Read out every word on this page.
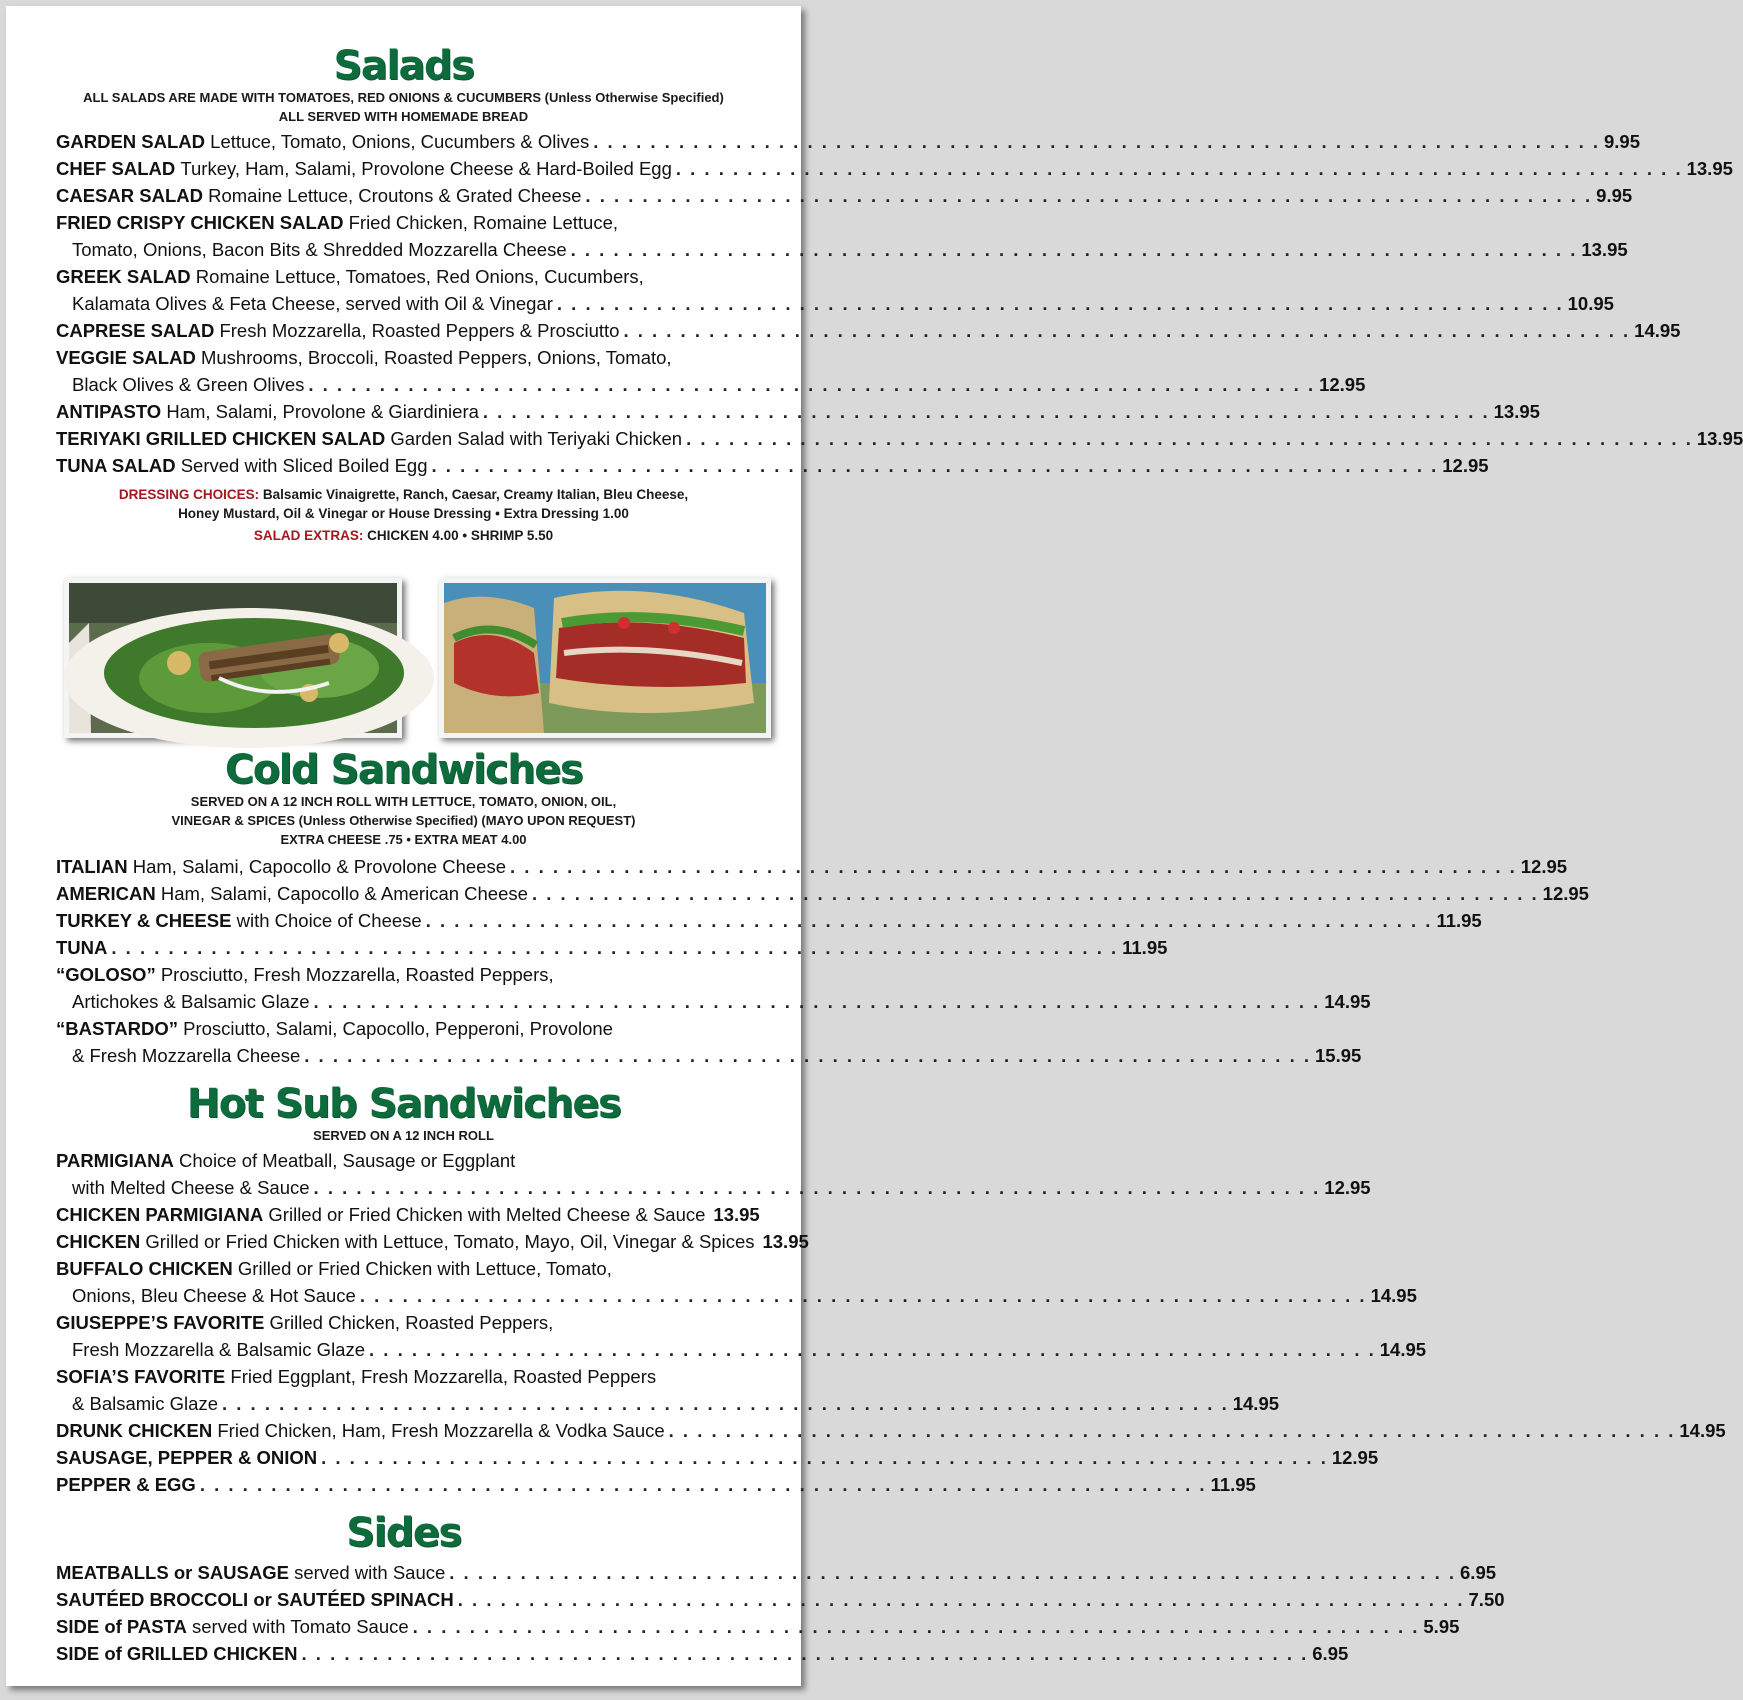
Salads
ALL SALADS ARE MADE WITH TOMATOES, RED ONIONS & CUCUMBERS (Unless Otherwise Specified)
ALL SERVED WITH HOMEMADE BREAD
GARDEN SALAD
Lettuce, Tomato, Onions, Cucumbers & Olives . . . . . . . . . . . . . . . . . . . . . . . . . . . . . . . . . . . . . . . . . . . . . . . . . . . . . . . . . . . . . . . . . . . . . . . 9.95
CHEF SALAD
Turkey, Ham, Salami, Provolone Cheese & Hard-Boiled Egg . . . . . . . . . . . . . . . . . . . . . . . . . . . . . . . . . . . . . . . . . . . . . . . . . . . . . . . . . . . . . . . . . . . . . . . 13.95
CAESAR SALAD
Romaine Lettuce, Croutons & Grated Cheese . . . . . . . . . . . . . . . . . . . . . . . . . . . . . . . . . . . . . . . . . . . . . . . . . . . . . . . . . . . . . . . . . . . . . . . 9.95
FRIED CRISPY CHICKEN SALAD
Fried Chicken, Romaine Lettuce,
Tomato, Onions, Bacon Bits & Shredded Mozzarella Cheese . . . . . . . . . . . . . . . . . . . . . . . . . . . . . . . . . . . . . . . . . . . . . . . . . . . . . . . . . . . . . . . . . . . . . . . 13.95
GREEK SALAD
Romaine Lettuce, Tomatoes, Red Onions, Cucumbers,
Kalamata Olives & Feta Cheese, served with Oil & Vinegar . . . . . . . . . . . . . . . . . . . . . . . . . . . . . . . . . . . . . . . . . . . . . . . . . . . . . . . . . . . . . . . . . . . . . . . 10.95
CAPRESE SALAD
Fresh Mozzarella, Roasted Peppers & Prosciutto . . . . . . . . . . . . . . . . . . . . . . . . . . . . . . . . . . . . . . . . . . . . . . . . . . . . . . . . . . . . . . . . . . . . . . . 14.95
VEGGIE SALAD
Mushrooms, Broccoli, Roasted Peppers, Onions, Tomato,
Black Olives & Green Olives . . . . . . . . . . . . . . . . . . . . . . . . . . . . . . . . . . . . . . . . . . . . . . . . . . . . . . . . . . . . . . . . . . . . . . . 12.95
ANTIPASTO
Ham, Salami, Provolone & Giardiniera . . . . . . . . . . . . . . . . . . . . . . . . . . . . . . . . . . . . . . . . . . . . . . . . . . . . . . . . . . . . . . . . . . . . . . . 13.95
TERIYAKI GRILLED CHICKEN SALAD
Garden Salad with Teriyaki Chicken . . . . . . . . . . . . . . . . . . . . . . . . . . . . . . . . . . . . . . . . . . . . . . . . . . . . . . . . . . . . . . . . . . . . . . . 13.95
TUNA SALAD
Served with Sliced Boiled Egg . . . . . . . . . . . . . . . . . . . . . . . . . . . . . . . . . . . . . . . . . . . . . . . . . . . . . . . . . . . . . . . . . . . . . . . 12.95
DRESSING CHOICES: Balsamic Vinaigrette, Ranch, Caesar, Creamy Italian, Bleu Cheese,
Honey Mustard, Oil & Vinegar or House Dressing • Extra Dressing 1.00
SALAD EXTRAS: CHICKEN 4.00 • SHRIMP 5.50
Cold Sandwiches
SERVED ON A 12 INCH ROLL WITH LETTUCE, TOMATO, ONION, OIL,
VINEGAR & SPICES (Unless Otherwise Specified) (MAYO UPON REQUEST)
EXTRA CHEESE .75 • EXTRA MEAT 4.00
ITALIAN
Ham, Salami, Capocollo & Provolone Cheese . . . . . . . . . . . . . . . . . . . . . . . . . . . . . . . . . . . . . . . . . . . . . . . . . . . . . . . . . . . . . . . . . . . . . . . 12.95
AMERICAN
Ham, Salami, Capocollo & American Cheese . . . . . . . . . . . . . . . . . . . . . . . . . . . . . . . . . . . . . . . . . . . . . . . . . . . . . . . . . . . . . . . . . . . . . . . 12.95
TURKEY & CHEESE
with Choice of Cheese . . . . . . . . . . . . . . . . . . . . . . . . . . . . . . . . . . . . . . . . . . . . . . . . . . . . . . . . . . . . . . . . . . . . . . . 11.95
TUNA . . . . . . . . . . . . . . . . . . . . . . . . . . . . . . . . . . . . . . . . . . . . . . . . . . . . . . . . . . . . . . . . . . . . . . . 11.95
“GOLOSO”
Prosciutto, Fresh Mozzarella, Roasted Peppers,
Artichokes & Balsamic Glaze . . . . . . . . . . . . . . . . . . . . . . . . . . . . . . . . . . . . . . . . . . . . . . . . . . . . . . . . . . . . . . . . . . . . . . . 14.95
“BASTARDO”
Prosciutto, Salami, Capocollo, Pepperoni, Provolone
& Fresh Mozzarella Cheese . . . . . . . . . . . . . . . . . . . . . . . . . . . . . . . . . . . . . . . . . . . . . . . . . . . . . . . . . . . . . . . . . . . . . . . 15.95
Hot Sub Sandwiches
SERVED ON A 12 INCH ROLL
PARMIGIANA
Choice of Meatball, Sausage or Eggplant
with Melted Cheese & Sauce . . . . . . . . . . . . . . . . . . . . . . . . . . . . . . . . . . . . . . . . . . . . . . . . . . . . . . . . . . . . . . . . . . . . . . . 12.95
CHICKEN PARMIGIANA
Grilled or Fried Chicken with Melted Cheese & Sauce 13.95
CHICKEN
Grilled or Fried Chicken with Lettuce, Tomato, Mayo, Oil, Vinegar & Spices 13.95
BUFFALO CHICKEN
Grilled or Fried Chicken with Lettuce, Tomato,
Onions, Bleu Cheese & Hot Sauce . . . . . . . . . . . . . . . . . . . . . . . . . . . . . . . . . . . . . . . . . . . . . . . . . . . . . . . . . . . . . . . . . . . . . . . 14.95
GIUSEPPE’S FAVORITE
Grilled Chicken, Roasted Peppers,
Fresh Mozzarella & Balsamic Glaze . . . . . . . . . . . . . . . . . . . . . . . . . . . . . . . . . . . . . . . . . . . . . . . . . . . . . . . . . . . . . . . . . . . . . . . 14.95
SOFIA’S FAVORITE
Fried Eggplant, Fresh Mozzarella, Roasted Peppers
& Balsamic Glaze . . . . . . . . . . . . . . . . . . . . . . . . . . . . . . . . . . . . . . . . . . . . . . . . . . . . . . . . . . . . . . . . . . . . . . . 14.95
DRUNK CHICKEN
Fried Chicken, Ham, Fresh Mozzarella & Vodka Sauce . . . . . . . . . . . . . . . . . . . . . . . . . . . . . . . . . . . . . . . . . . . . . . . . . . . . . . . . . . . . . . . . . . . . . . . 14.95
SAUSAGE, PEPPER & ONION . . . . . . . . . . . . . . . . . . . . . . . . . . . . . . . . . . . . . . . . . . . . . . . . . . . . . . . . . . . . . . . . . . . . . . . 12.95
PEPPER & EGG . . . . . . . . . . . . . . . . . . . . . . . . . . . . . . . . . . . . . . . . . . . . . . . . . . . . . . . . . . . . . . . . . . . . . . . 11.95
Sides
MEATBALLS or SAUSAGE
served with Sauce . . . . . . . . . . . . . . . . . . . . . . . . . . . . . . . . . . . . . . . . . . . . . . . . . . . . . . . . . . . . . . . . . . . . . . . 6.95
SAUTÉED BROCCOLI or SAUTÉED SPINACH . . . . . . . . . . . . . . . . . . . . . . . . . . . . . . . . . . . . . . . . . . . . . . . . . . . . . . . . . . . . . . . . . . . . . . . 7.50
SIDE of PASTA
served with Tomato Sauce . . . . . . . . . . . . . . . . . . . . . . . . . . . . . . . . . . . . . . . . . . . . . . . . . . . . . . . . . . . . . . . . . . . . . . . 5.95
SIDE of GRILLED CHICKEN . . . . . . . . . . . . . . . . . . . . . . . . . . . . . . . . . . . . . . . . . . . . . . . . . . . . . . . . . . . . . . . . . . . . . . . 6.95
